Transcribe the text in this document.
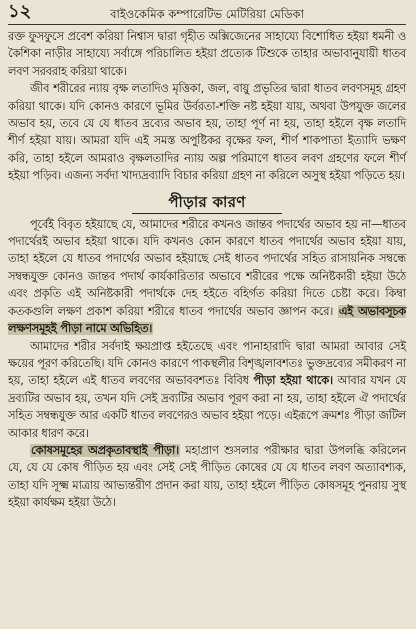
১২	বাইওকেমিক কম্পারেটিভ মেটিরিয়া মেডিকা

রক্ত ফুসফুসে প্রবেশ করিয়া নিশ্বাস দ্বারা গৃহীত অক্সিজেনের সাহায্যে বিশোধিত হইয়া ধমনী ও কৈশিকা নাড়ীর সাহায্যে সর্বাঙ্গে পরিচালিত হইয়া প্রত্যেক টিশুকে তাহার অভাবানুযায়ী ধাতব লবণ সরবরাহ করিয়া থাকে।

জীব শরীরের ন্যায় বৃক্ষ লতাদিও মৃত্তিকা, জল, বায়ু প্রভৃতির দ্বারা ধাতব লবণসমূহ গ্রহণ করিয়া থাকে। যদি কোনও কারণে ভূমির উর্বরতা-শক্তি নষ্ট হইয়া যায়, অথবা উপযুক্ত জলের অভাব হয়, তবে যে যে ধাতব দ্রব্যের অভাব হয়, তাহা পূর্ণ না হয়, তাহা হইলে বৃক্ষ লতাদি শীর্ণ হইয়া যায়। আমরা যদি এই সমস্ত অপুষ্টিকর বৃক্ষের ফল, শীর্ণ শাকপাতা ইত্যাদি ভক্ষণ করি, তাহা হইলে আমরাও বৃক্ষলতাদির ন্যায় অল্প পরিমাণে ধাতব লবণ গ্রহণের ফলে শীর্ণ হইয়া পড়িব। এজন্য সর্বদা খাদ্যদ্রব্যাদি বিচার করিয়া গ্রহণ না করিলে অসুস্থ হইয়া পড়িতে হয়।

পীড়ার কারণ

পূর্বেই বিবৃত হইয়াছে যে, আমাদের শরীরে কখনও জান্তব পদার্থের অভাব হয় না—ধাতব পদার্থেরই অভাব হইয়া থাকে। যদি কখনও কোন কারণে ধাতব পদার্থের অভাব হইয়া যায়, তাহা হইলে যে ধাতব পদার্থের অভাব হইয়াছে সেই ধাতব পদার্থের সহিত রাসায়নিক সম্বন্ধে সম্বন্ধযুক্ত কোনও জান্তব পদার্থ কার্যকারিতার অভাবে শরীরের পক্ষে অনিষ্টকারী হইয়া উঠে এবং প্রকৃতি এই অনিষ্টকারী পদার্থকে দেহ হইতে বহির্গত করিয়া দিতে চেষ্টা করে। কিম্বা কতকগুলি লক্ষণ প্রকাশ করিয়া শরীরে ধাতব পদার্থের অভাব জ্ঞাপন করে। এই অভাবসূচক লক্ষণসমূহই পীড়া নামে অভিহিত।

আমাদের শরীর সর্বদাই ক্ষয়প্রাপ্ত হইতেছে এবং পানাহারাদি দ্বারা আমরা আবার সেই ক্ষয়ের পূরণ করিতেছি। যদি কোনও কারণে পাকস্থলীর বিশৃঙ্খলাবশতঃ ভুক্তদ্রব্যের সমীকরণ না হয়, তাহা হইলে এই ধাতব লবণের অভাববশতঃ বিবিধ পীড়া হইয়া থাকে। আবার যখন যে দ্রব্যটির অভাব হয়, তখন যদি সেই দ্রব্যটির অভাব পূরণ করা না হয়, তাহা হইলে ঐ পদার্থের সহিত সম্বন্ধযুক্ত আর একটি ধাতব লবণেরও অভাব হইয়া পড়ে। এইরূপে ক্রমশঃ পীড়া জটিল আকার ধারণ করে।

কোষসমূহের অপ্রকৃতাবস্থাই পীড়া। মহাপ্রাণ শুসলার পরীক্ষার দ্বারা উপলব্ধি করিলেন যে, যে যে কোষ পীড়িত হয় এবং সেই সেই পীড়িত কোষের যে যে ধাতব লবণ অত্যাবশ্যক, তাহা যদি সূক্ষ্ম মাত্রায় আভ্যন্তরীণ প্রদান করা যায়, তাহা হইলে পীড়িত কোষসমূহ পুনরায় সুস্থ হইয়া কার্যক্ষম হইয়া উঠে।
